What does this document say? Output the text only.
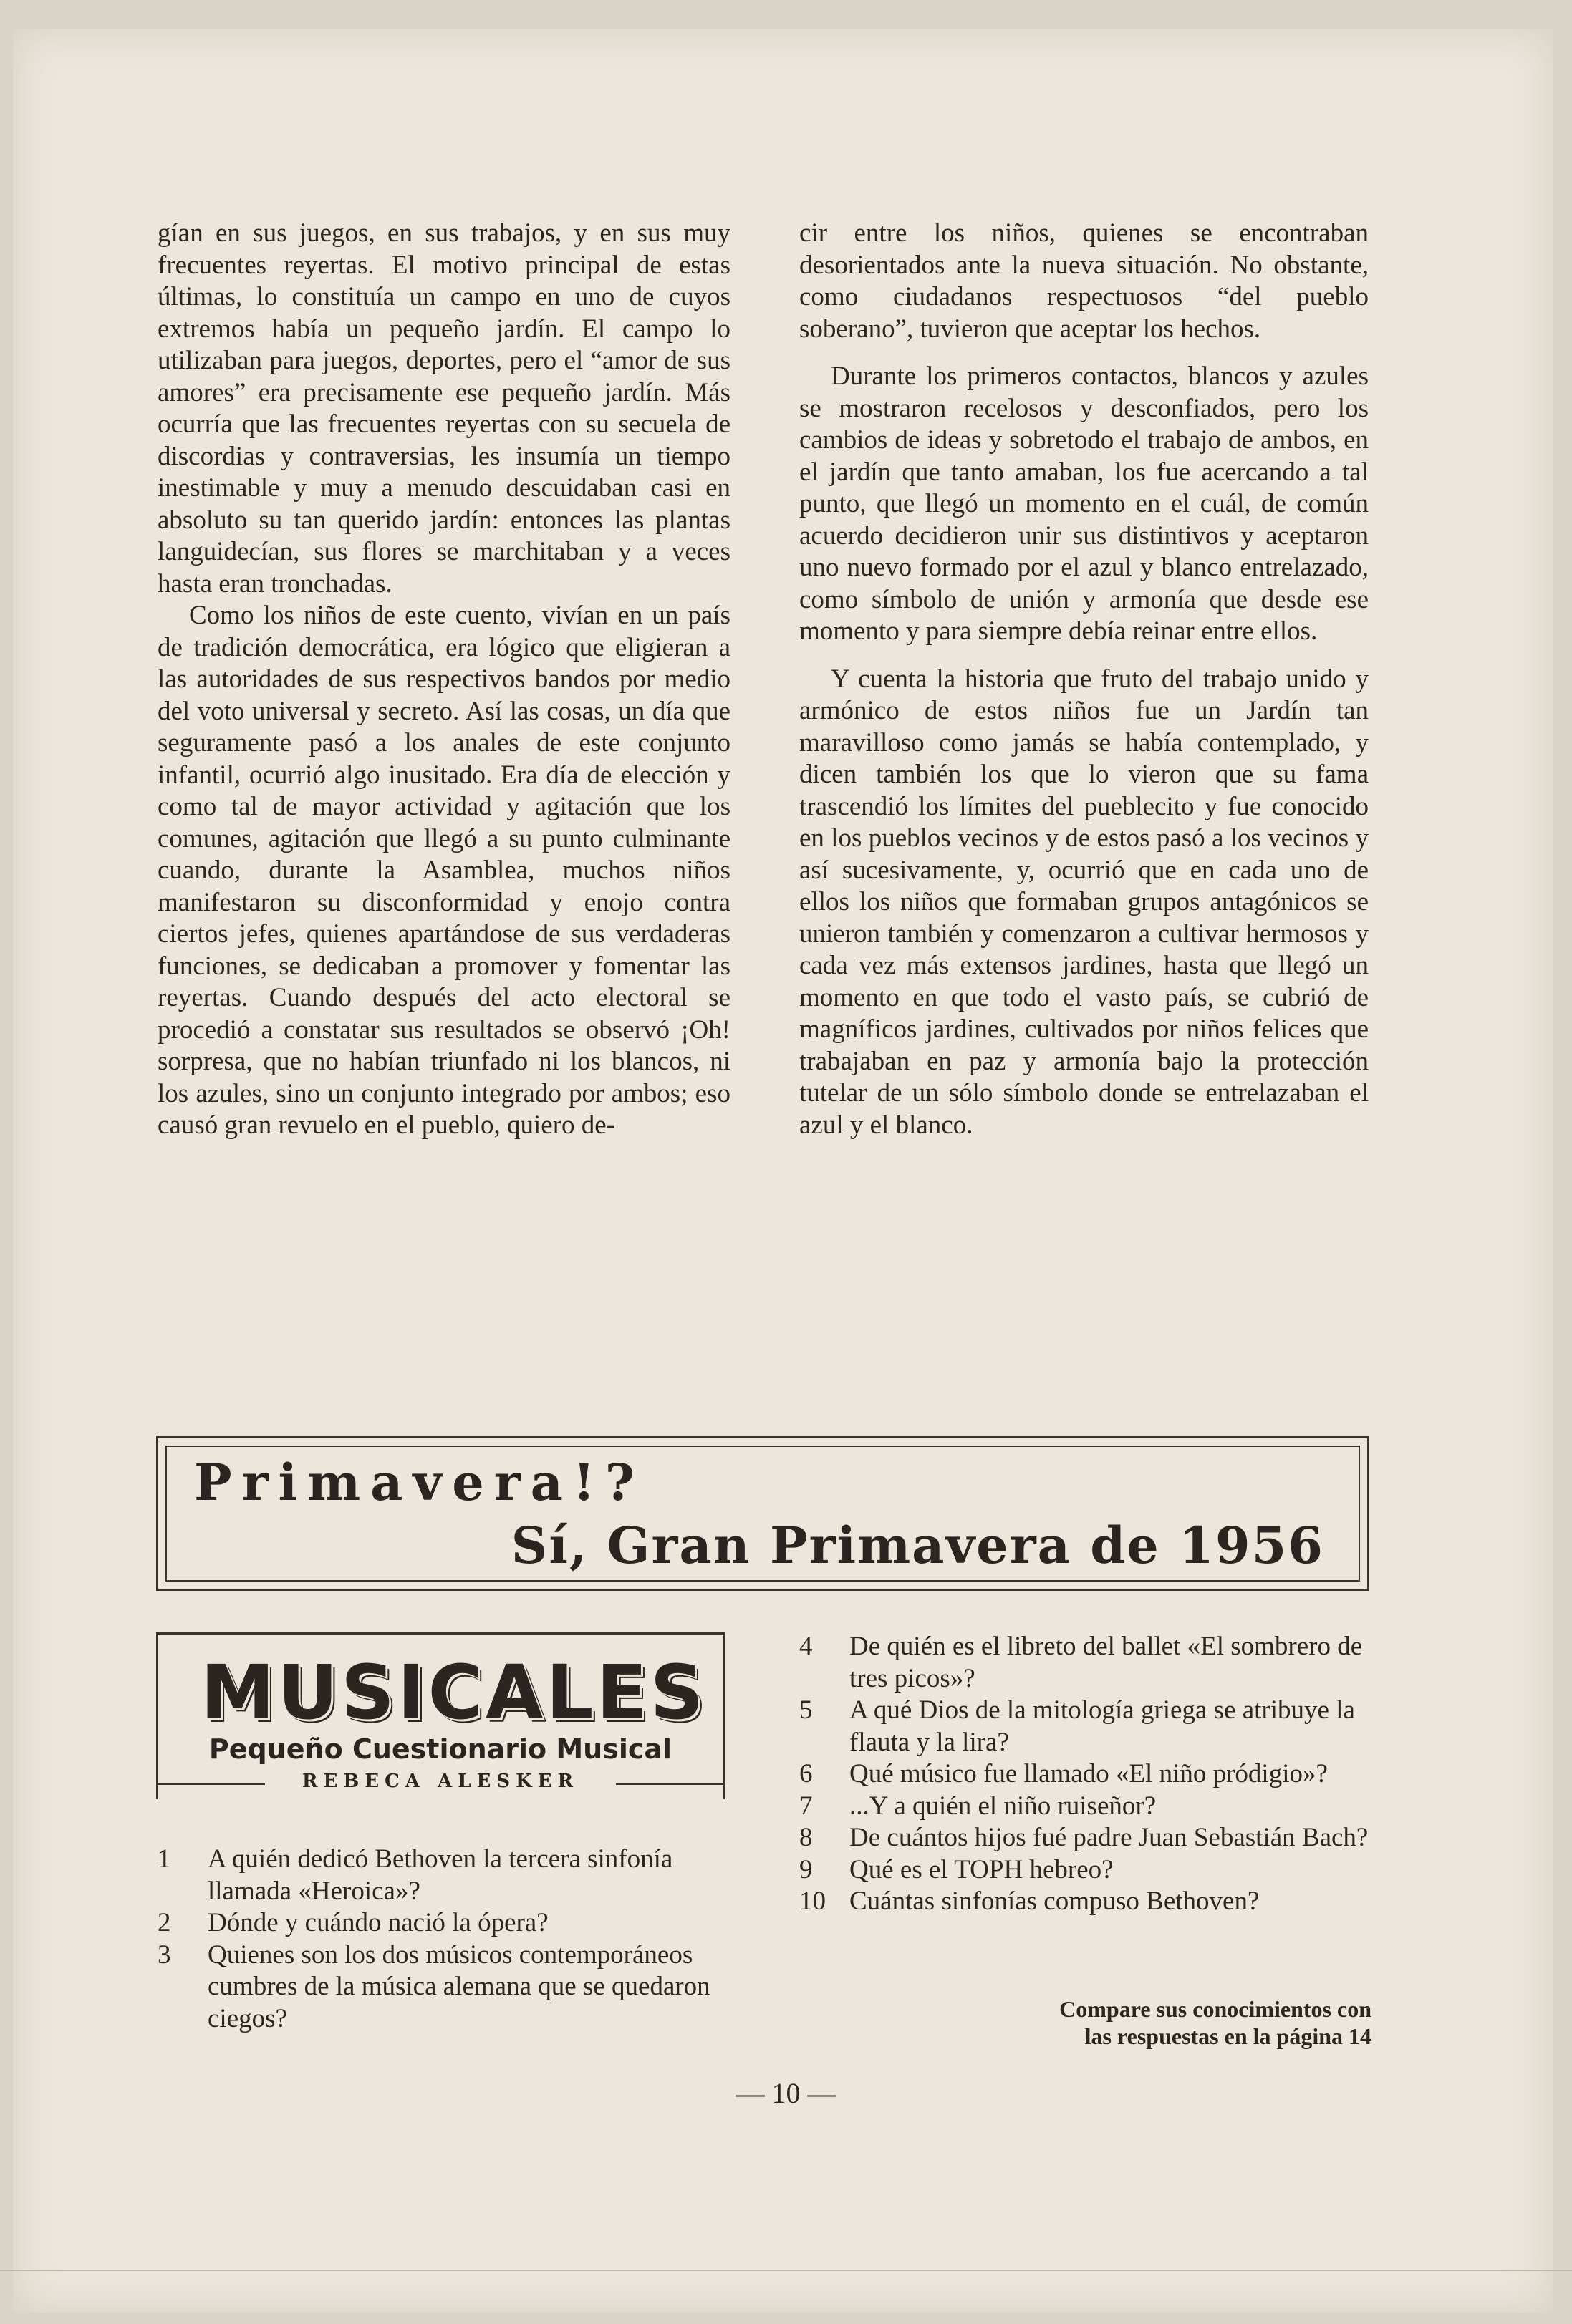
gían en sus juegos, en sus trabajos, y en sus muy frecuentes reyertas. El motivo principal de estas últimas, lo constituía un campo en uno de cuyos extremos había un pequeño jardín. El campo lo utilizaban para juegos, deportes, pero el “amor de sus amores” era precisamente ese pequeño jardín. Más ocurría que las frecuentes reyertas con su secuela de discordias y contraversias, les insumía un tiempo inestimable y muy a menudo descuidaban casi en absoluto su tan querido jardín: entonces las plantas languidecían, sus flores se marchitaban y a veces hasta eran tronchadas.

Como los niños de este cuento, vivían en un país de tradición democrática, era lógico que eligieran a las autoridades de sus respectivos bandos por medio del voto universal y secreto. Así las cosas, un día que seguramente pasó a los anales de este conjunto infantil, ocurrió algo inusitado. Era día de elección y como tal de mayor actividad y agitación que los comunes, agitación que llegó a su punto culminante cuando, durante la Asamblea, muchos niños manifestaron su disconformidad y enojo contra ciertos jefes, quienes apartándose de sus verdaderas funciones, se dedicaban a promover y fomentar las reyertas. Cuando después del acto electoral se procedió a constatar sus resultados se observó ¡Oh! sorpresa, que no habían triunfado ni los blancos, ni los azules, sino un conjunto integrado por ambos; eso causó gran revuelo en el pueblo, quiero de-

cir entre los niños, quienes se encontraban desorientados ante la nueva situación. No obstante, como ciudadanos respectuosos “del pueblo soberano”, tuvieron que aceptar los hechos.

Durante los primeros contactos, blancos y azules se mostraron recelosos y desconfiados, pero los cambios de ideas y sobretodo el trabajo de ambos, en el jardín que tanto amaban, los fue acercando a tal punto, que llegó un momento en el cuál, de común acuerdo decidieron unir sus distintivos y aceptaron uno nuevo formado por el azul y blanco entrelazado, como símbolo de unión y armonía que desde ese momento y para siempre debía reinar entre ellos.

Y cuenta la historia que fruto del trabajo unido y armónico de estos niños fue un Jardín tan maravilloso como jamás se había contemplado, y dicen también los que lo vieron que su fama trascendió los límites del pueblecito y fue conocido en los pueblos vecinos y de estos pasó a los vecinos y así sucesivamente, y, ocurrió que en cada uno de ellos los niños que formaban grupos antagónicos se unieron también y comenzaron a cultivar hermosos y cada vez más extensos jardines, hasta que llegó un momento en que todo el vasto país, se cubrió de magníficos jardines, cultivados por niños felices que trabajaban en paz y armonía bajo la protección tutelar de un sólo símbolo donde se entrelazaban el azul y el blanco.

Primavera!?
Sí, Gran Primavera de 1956
MUSICALES
Pequeño Cuestionario Musical
REBECA ALESKER
1	A quién dedicó Bethoven la tercera sinfonía llamada «Heroica»?
2	Dónde y cuándo nació la ópera?
3	Quienes son los dos músicos contemporáneos cumbres de la música alemana que se quedaron ciegos?
4	De quién es el libreto del ballet «El sombrero de tres picos»?
5	A qué Dios de la mitología griega se atribuye la flauta y la lira?
6	Qué músico fue llamado «El niño pródigio»?
7	...Y a quién el niño ruiseñor?
8	De cuántos hijos fué padre Juan Sebastián Bach?
9	Qué es el TOPH hebreo?
10 Cuántas sinfonías compuso Bethoven?
Compare sus conocimientos con
las respuestas en la página 14
— 10 —
